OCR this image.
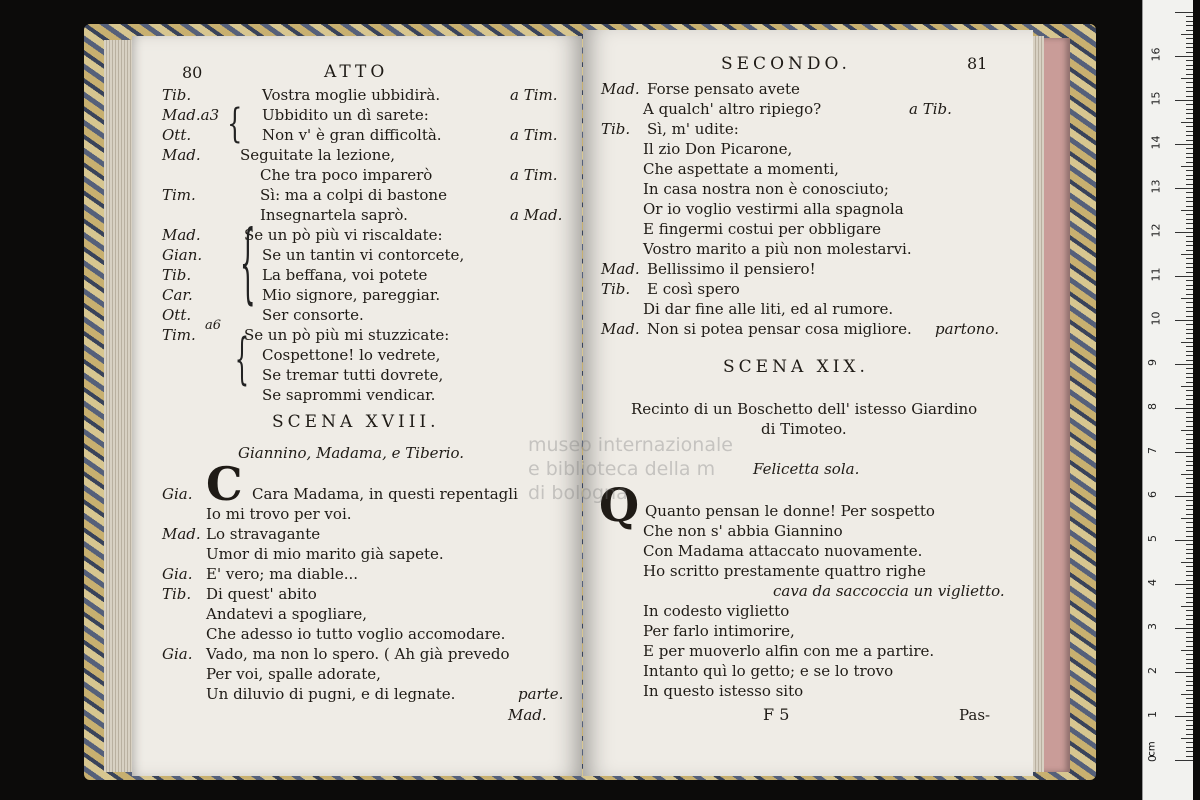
80	ATTO
Tib.	Vostra moglie ubbidirà.	a Tim.
Mad.a3	Ubbidito un dì sarete:
Ott.	Non v' è gran difficoltà.	a Tim.
Mad.	Seguitate la lezione,
Che tra poco imparerò	a Tim.
Tim.	Sì: ma a colpi di bastone
Insegnartela saprò.	a Mad.
Mad.	Se un pò più vi riscaldate:
Gian.	Se un tantin vi contorcete,
Tib.	La beffana, voi potete
Car.	Mio signore, pareggiar.
Ott.	Ser consorte.
Tim.	Se un pò più mi stuzzicate:
Cospettone! lo vedrete,
Se tremar tutti dovrete,
Se saprommi vendicar.
{
{
{
a6
SCENA XVIII.
Giannino, Madama, e Tiberio.
C
Gia.	Cara Madama, in questi repentagli
Io mi trovo per voi.
Mad. Lo stravagante
Umor di mio marito già sapete.
Gia. E' vero; ma diable...
Tib. Di quest' abito
Andatevi a spogliare,
Che adesso io tutto voglio accomodare.
Gia. Vado, ma non lo spero. ( Ah già prevedo
Per voi, spalle adorate,
Un diluvio di pugni, e di legnate.	parte.
Mad.
SECONDO.	81
Mad. Forse pensato avete
A qualch' altro ripiego?	a Tib.
Tib. Sì, m' udite:
Il zio Don Picarone,
Che aspettate a momenti,
In casa nostra non è conosciuto;
Or io voglio vestirmi alla spagnola
E fingermi costui per obbligare
Vostro marito a più non molestarvi.
Mad. Bellissimo il pensiero!
Tib. E così spero
Di dar fine alle liti, ed al rumore.
Mad. Non si potea pensar cosa migliore. partono.
SCENA XIX.
Recinto di un Boschetto dell' istesso Giardino
di Timoteo.
Felicetta sola.
Q Quanto pensan le donne! Per sospetto
Che non s' abbia Giannino
Con Madama attaccato nuovamente.
Ho scritto prestamente quattro righe
cava da saccoccia un viglietto.
In codesto viglietto
Per farlo intimorire,
E per muoverlo alfin con me a partire.
Intanto quì lo getto; e se lo trovo
In questo istesso sito
F 5	Pas-
museo internazionale
e biblioteca della m
di bologna
0
1
2
3
4
5
6
7
8
9
10
11
12
13
14
15
16
cm
